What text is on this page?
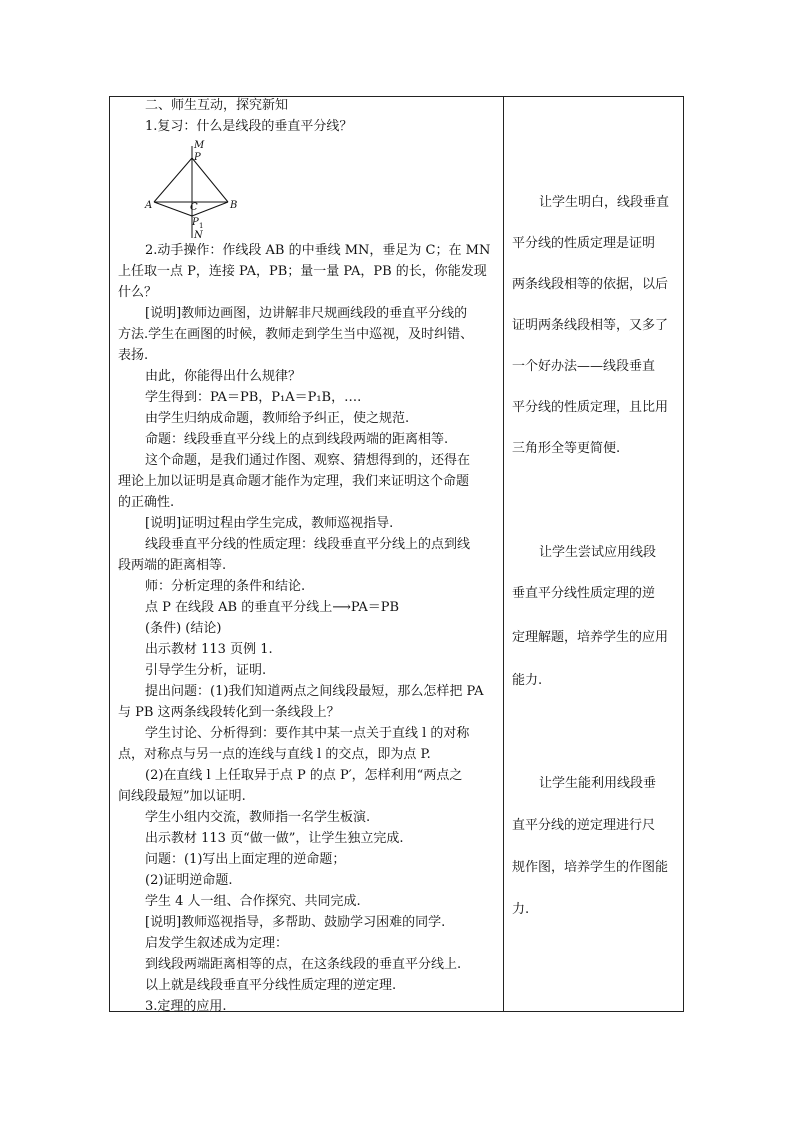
二、师生互动，探究新知
1.复习：什么是线段的垂直平分线？
2.动手操作：作线段 AB 的中垂线 MN，垂足为 C；在 MN
上任取一点 P，连接 PA，PB；量一量 PA，PB 的长，你能发现
什么？
[说明]教师边画图，边讲解非尺规画线段的垂直平分线的
方法.学生在画图的时候，教师走到学生当中巡视，及时纠错、
表扬.
由此，你能得出什么规律？
学生得到：PA＝PB，P₁A＝P₁B，….
由学生归纳成命题，教师给予纠正，使之规范.
命题：线段垂直平分线上的点到线段两端的距离相等.
这个命题，是我们通过作图、观察、猜想得到的，还得在
理论上加以证明是真命题才能作为定理，我们来证明这个命题
的正确性.
[说明]证明过程由学生完成，教师巡视指导.
线段垂直平分线的性质定理：线段垂直平分线上的点到线
段两端的距离相等.
师：分析定理的条件和结论.
点 P 在线段 AB 的垂直平分线上⟶PA＝PB
(条件) (结论)
出示教材 113 页例 1.
引导学生分析，证明.
提出问题：(1)我们知道两点之间线段最短，那么怎样把 PA
与 PB 这两条线段转化到一条线段上？
学生讨论、分析得到：要作其中某一点关于直线 l 的对称
点，对称点与另一点的连线与直线 l 的交点，即为点 P.
(2)在直线 l 上任取异于点 P 的点 P′，怎样利用“两点之
间线段最短”加以证明.
学生小组内交流，教师指一名学生板演.
出示教材 113 页“做一做”，让学生独立完成.
问题：(1)写出上面定理的逆命题；
(2)证明逆命题.
学生 4 人一组、合作探究、共同完成.
[说明]教师巡视指导，多帮助、鼓励学习困难的同学.
启发学生叙述成为定理：
到线段两端距离相等的点，在这条线段的垂直平分线上.
以上就是线段垂直平分线性质定理的逆定理.
3.定理的应用.
M
P
A	C	B
P 1
N
让学生明白，线段垂直
平分线的性质定理是证明
两条线段相等的依据，以后
证明两条线段相等，又多了
一个好办法——线段垂直
平分线的性质定理，且比用
三角形全等更简便.
让学生尝试应用线段
垂直平分线性质定理的逆
定理解题，培养学生的应用
能力.
让学生能利用线段垂
直平分线的逆定理进行尺
规作图，培养学生的作图能
力.
